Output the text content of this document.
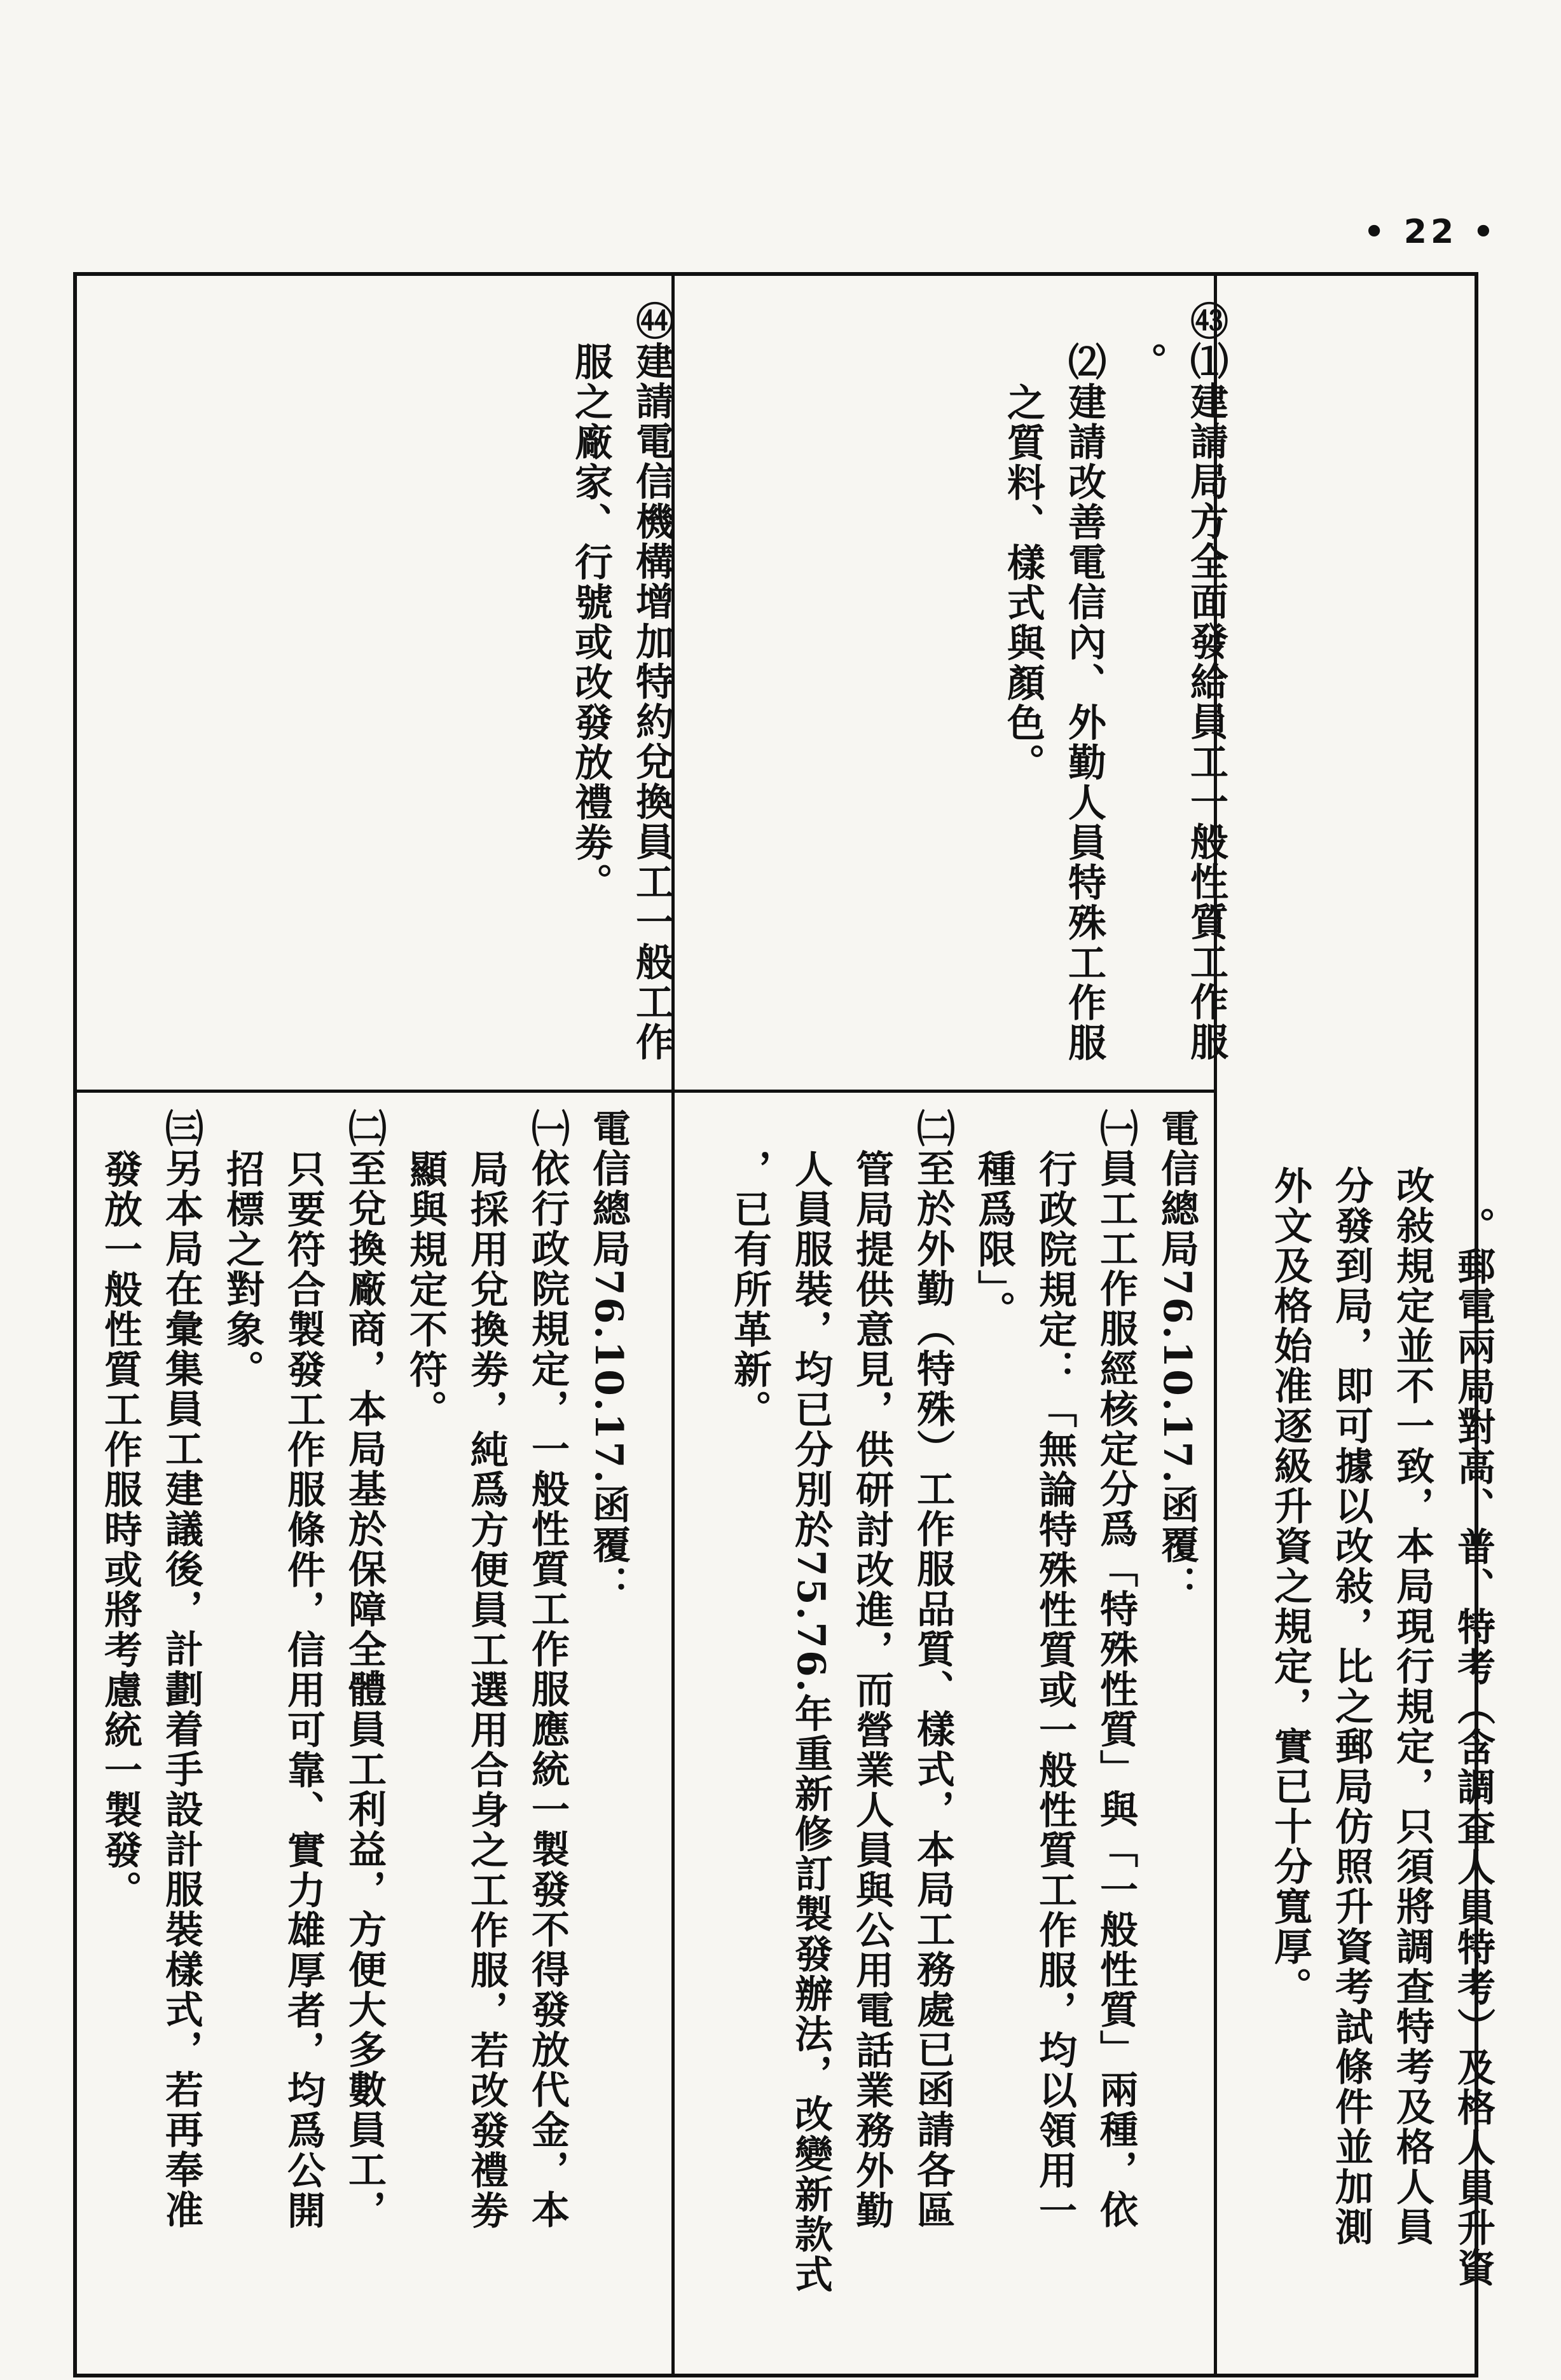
• 22 •

。郵電兩局對高、普、特考（含調查人員特考）及格人員升資

改敍規定並不一致，本局現行規定，只須將調查特考及格人員

分發到局，即可據以改敍，比之郵局仿照升資考試條件並加測

外文及格始准逐級升資之規定，實已十分寬厚。

㊸⑴建請局方全面發給員工一般性質工作服

。

⑵建請改善電信內、外勤人員特殊工作服

之質料、樣式與顏色。

㊹建請電信機構增加特約兌換員工一般工作

服之廠家、行號或改發放禮劵。

電信總局76.10.17.函覆：

㈠員工工作服經核定分爲「特殊性質」與「一般性質」兩種，依

行政院規定：「無論特殊性質或一般性質工作服，均以領用一

種爲限」。

㈡至於外勤（特殊）工作服品質、樣式，本局工務處已函請各區

管局提供意見，供研討改進，而營業人員與公用電話業務外勤

人員服裝，均已分別於75.76.年重新修訂製發辦法，改變新款式

，已有所革新。

電信總局76.10.17.函覆：

㈠依行政院規定，一般性質工作服應統一製發不得發放代金，本

局採用兌換劵，純爲方便員工選用合身之工作服，若改發禮劵

顯與規定不符。

㈡至兌換廠商，本局基於保障全體員工利益，方便大多數員工，

只要符合製發工作服條件，信用可靠、實力雄厚者，均爲公開

招標之對象。

㈢另本局在彙集員工建議後，計劃着手設計服裝樣式，若再奉准

發放一般性質工作服時或將考慮統一製發。
